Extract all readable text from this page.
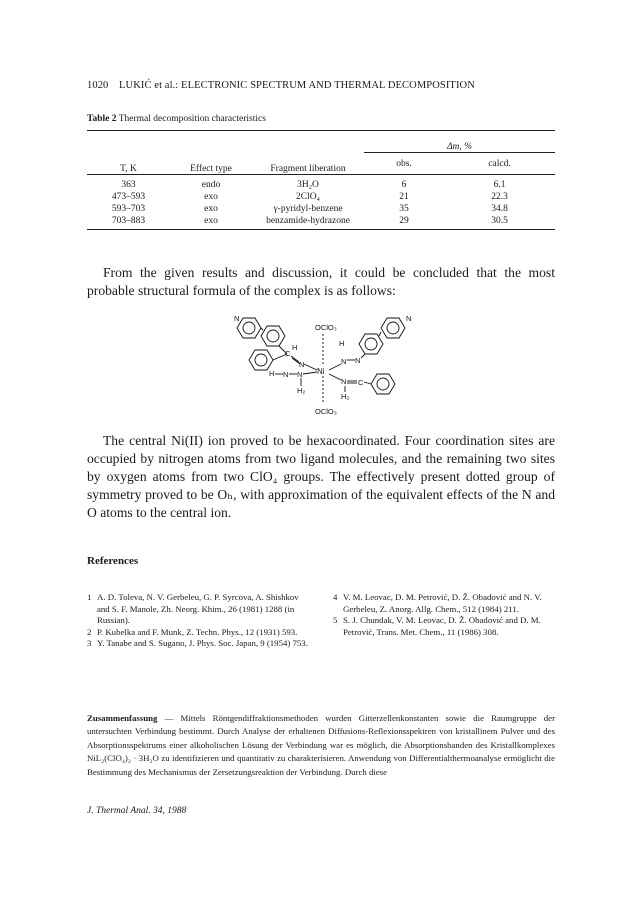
1020 LUKIĆ et al.: ELECTRONIC SPECTRUM AND THERMAL DECOMPOSITION
Table 2 Thermal decomposition characteristics
T, K	Effect type	Fragment liberation	Δm, %	
			obs.	calcd.
363	endo	3H₂O	6	6.1
473–593	exo	2ClO₄	21	22.3
593–703	exo	γ-pyridyl-benzene	35	34.8
703–883	exo	benzamide-hydrazone	29	30.5

From the given results and discussion, it could be concluded that the most probable structural formula of the complex is as follows:

N
C
H
N
H N N
H₂
Ni
OClO₃
OClO₃
N
H
N
N
H₂
C
N

The central Ni(II) ion proved to be hexacoordinated. Four coordination sites are occupied by nitrogen atoms from two ligand molecules, and the remaining two sites by oxygen atoms from two ClO₄ groups. The effectively present dotted group of symmetry proved to be Oₕ, with approximation of the equivalent effects of the N and O atoms to the central ion.

References
1 A. D. Toleva, N. V. Gerbeleu, G. P. Syrcova, A. Shishkov and S. F. Manole, Zh. Neorg. Khim., 26 (1981) 1288 (in Russian).
2 P. Kubelka and F. Munk, Z. Techn. Phys., 12 (1931) 593.
3 Y. Tanabe and S. Sugano, J. Phys. Soc. Japan, 9 (1954) 753.
4 V. M. Leovac, D. M. Petrović, D. Ž. Obadović and N. V. Gerbeleu, Z. Anorg. Allg. Chem., 512 (1984) 211.
5 S. J. Chundak, V. M. Leovac, D. Ž. Obadović and D. M. Petrović, Trans. Met. Chem., 11 (1986) 308.
Zusammenfassung — Mittels Röntgendiffraktionsmethoden wurden Gitterzellenkonstanten sowie die Raumgruppe der untersuchten Verbindung bestimmt. Durch Analyse der erhaltenen Diffusions-Reflexionsspektren von kristallinem Pulver und des Absorptionsspektrums einer alkoholischen Lösung der Verbindung war es möglich, die Absorptionsbanden des Kristallkomplexes NiL₂(ClO₄)₂ · 3H₂O zu identifizieren und quantitativ zu charakterisieren. Anwendung von Differentialthermoanalyse ermöglicht die Bestimmung des Mechanismus der Zersetzungsreaktion der Verbindung. Durch diese
J. Thermal Anal. 34, 1988
